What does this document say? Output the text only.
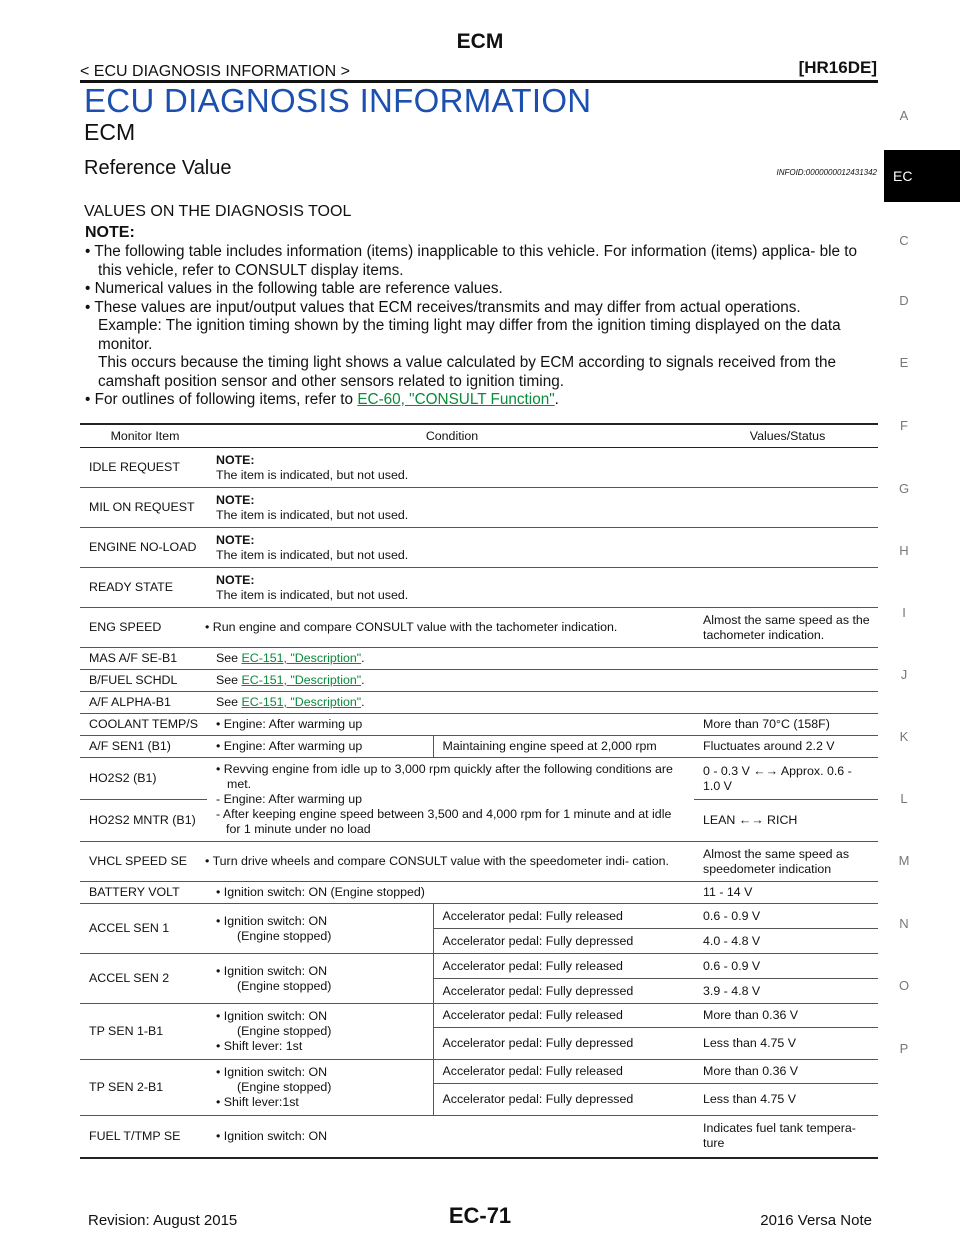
ECM
< ECU DIAGNOSIS INFORMATION >	[HR16DE]
ECU DIAGNOSIS INFORMATION
ECM
Reference Value	INFOID:0000000012431342
VALUES ON THE DIAGNOSIS TOOL
NOTE:
• The following table includes information (items) inapplicable to this vehicle. For information (items) applica- ble to this vehicle, refer to CONSULT display items.
• Numerical values in the following table are reference values.
• These values are input/output values that ECM receives/transmits and may differ from actual operations.
Example: The ignition timing shown by the timing light may differ from the ignition timing displayed on the data monitor.
This occurs because the timing light shows a value calculated by ECM according to signals received from the camshaft position sensor and other sensors related to ignition timing.
• For outlines of following items, refer to EC-60, "CONSULT Function".
A
EC
C
D
E
F
G
H
I
J
K
L
M
N
O
P
Monitor Item	Condition		Values/Status
IDLE REQUEST	NOTE:
The item is indicated, but not used.		

MIL ON REQUEST	NOTE:
The item is indicated, but not used.		

ENGINE NO-LOAD	NOTE:
The item is indicated, but not used.		

READY STATE	NOTE:
The item is indicated, but not used.		

ENG SPEED	• Run engine and compare CONSULT value with the tachometer indication.		Almost the same speed as the tachometer indication.
MAS A/F SE-B1	See EC-151, "Description".		
B/FUEL SCHDL	See EC-151, "Description".		
A/F ALPHA-B1	See EC-151, "Description".		
COOLANT TEMP/S	• Engine: After warming up		More than 70°C (158F)
A/F SEN1 (B1)	• Engine: After warming up	Maintaining engine speed at 2,000 rpm	Fluctuates around 2.2 V
HO2S2 (B1)	• Revving engine from idle up to 3,000 rpm quickly after the following conditions are met.
- Engine: After warming up
- After keeping engine speed between 3,500 and 4,000 rpm for 1 minute and at idle for 1 minute under no load		0 - 0.3 V ←→ Approx. 0.6 - 1.0 V
HO2S2 MNTR (B1)			LEAN ←→ RICH
VHCL SPEED SE	• Turn drive wheels and compare CONSULT value with the speedometer indi- cation.		Almost the same speed as speedometer indication
BATTERY VOLT	• Ignition switch: ON (Engine stopped)		11 - 14 V
ACCEL SEN 1	• Ignition switch: ON
(Engine stopped)	Accelerator pedal: Fully released	0.6 - 0.9 V
		Accelerator pedal: Fully depressed	4.0 - 4.8 V
ACCEL SEN 2	• Ignition switch: ON
(Engine stopped)	Accelerator pedal: Fully released	0.6 - 0.9 V
		Accelerator pedal: Fully depressed	3.9 - 4.8 V
TP SEN 1-B1	• Ignition switch: ON
(Engine stopped)
• Shift lever: 1st	Accelerator pedal: Fully released	More than 0.36 V
		Accelerator pedal: Fully depressed	Less than 4.75 V
TP SEN 2-B1	• Ignition switch: ON
(Engine stopped)
• Shift lever:1st	Accelerator pedal: Fully released	More than 0.36 V
		Accelerator pedal: Fully depressed	Less than 4.75 V
FUEL T/TMP SE	• Ignition switch: ON		Indicates fuel tank tempera- ture
Revision: August 2015	EC-71	2016 Versa Note
